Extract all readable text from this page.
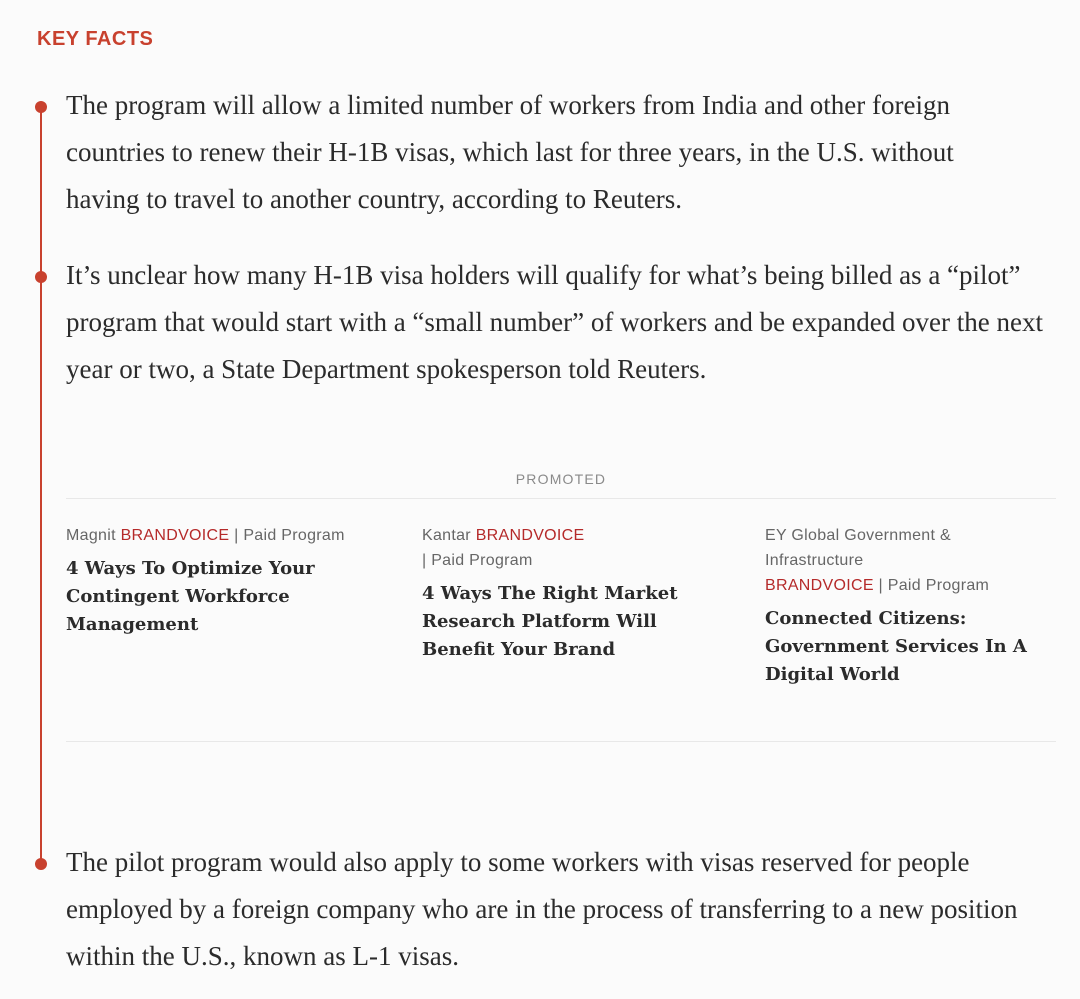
KEY FACTS

The program will allow a limited number of workers from India and other foreign countries to renew their H-1B visas, which last for three years, in the U.S. without having to travel to another country, according to Reuters.

It’s unclear how many H-1B visa holders will qualify for what’s being billed as a “pilot” program that would start with a “small number” of workers and be expanded over the next year or two, a State Department spokesperson told Reuters.

PROMOTED
Magnit BRANDVOICE | Paid Program
4 Ways To Optimize Your Contingent Workforce Management
Kantar BRANDVOICE
| Paid Program
4 Ways The Right Market Research Platform Will Benefit Your Brand
EY Global Government & Infrastructure
BRANDVOICE | Paid Program
Connected Citizens: Government Services In A Digital World

The pilot program would also apply to some workers with visas reserved for people employed by a foreign company who are in the process of transferring to a new position within the U.S., known as L-1 visas.
